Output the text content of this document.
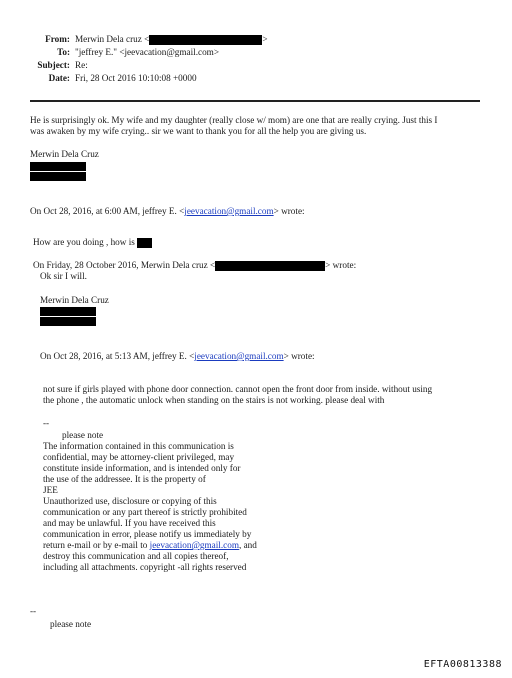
From: Merwin Dela cruz <	>
To: "jeffrey E." <jeevacation@gmail.com>
Subject: Re:
Date: Fri, 28 Oct 2016 10:10:08 +0000
He is surprisingly ok. My wife and my daughter (really close w/ mom) are one that are really crying. Just this I
was awaken by my wife crying.. sir we want to thank you for all the help you are giving us.
Merwin Dela Cruz
On Oct 28, 2016, at 6:00 AM, jeffrey E. <jeevacation@gmail.com> wrote:
How are you doing , how is
On Friday, 28 October 2016, Merwin Dela cruz <	> wrote:
Ok sir I will.
Merwin Dela Cruz
On Oct 28, 2016, at 5:13 AM, jeffrey E. <jeevacation@gmail.com> wrote:
not sure if girls played with phone door connection. cannot open the front door from inside. without using
the phone , the automatic unlock when standing on the stairs is not working. please deal with
--
please note
The information contained in this communication is
confidential, may be attorney-client privileged, may
constitute inside information, and is intended only for
the use of the addressee. It is the property of
JEE
Unauthorized use, disclosure or copying of this
communication or any part thereof is strictly prohibited
and may be unlawful. If you have received this
communication in error, please notify us immediately by
return e-mail or by e-mail to jeevacation@gmail.com, and
destroy this communication and all copies thereof,
including all attachments. copyright -all rights reserved
--
please note
EFTA00813388
